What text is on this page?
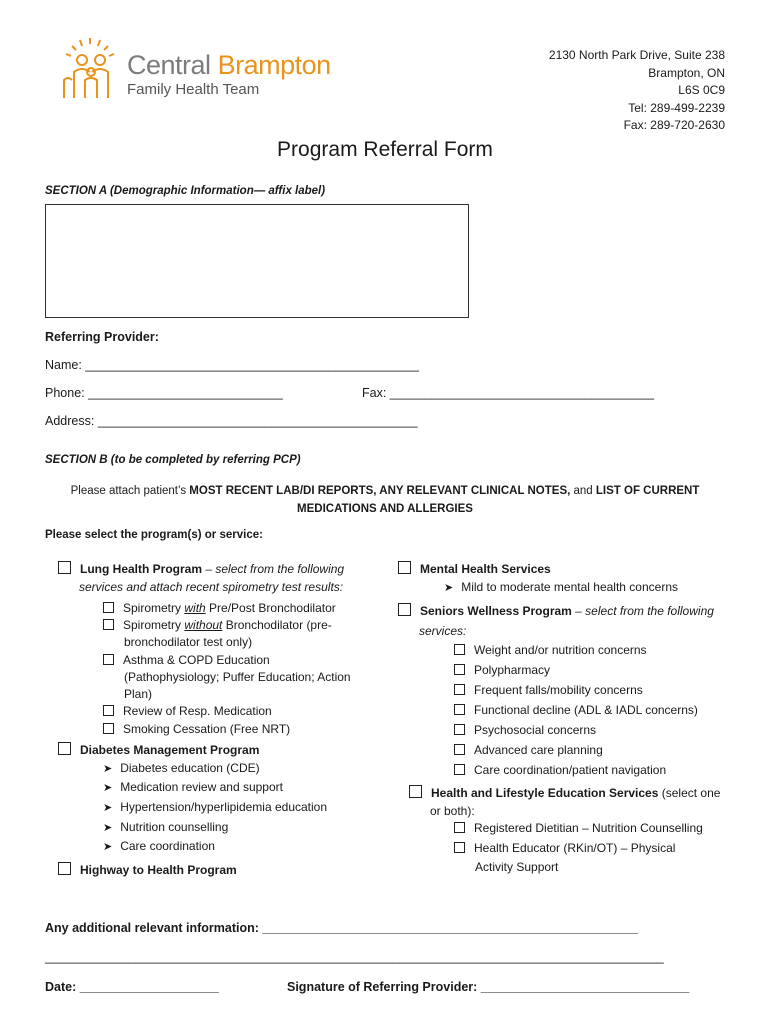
Central Brampton
Family Health Team
2130 North Park Drive, Suite 238
Brampton, ON
L6S 0C9
Tel: 289-499-2239
Fax: 289-720-2630
Program Referral Form
SECTION A (Demographic Information— affix label)
Referring Provider:
Name: ________________________________________________
Phone: ____________________________	Fax: ______________________________________
Address: ______________________________________________
SECTION B (to be completed by referring PCP)
Please attach patient’s MOST RECENT LAB/DI REPORTS, ANY RELEVANT CLINICAL NOTES, and LIST OF CURRENT
MEDICATIONS AND ALLERGIES
Please select the program(s) or service:
Lung Health Program – select from the following
services and attach recent spirometry test results:
Spirometry with Pre/Post Bronchodilator
Spirometry without Bronchodilator (pre-
bronchodilator test only)
Asthma & COPD Education
(Pathophysiology; Puffer Education; Action
Plan)
Review of Resp. Medication
Smoking Cessation (Free NRT)
Diabetes Management Program
➤ Diabetes education (CDE)
➤ Medication review and support
➤ Hypertension/hyperlipidemia education
➤ Nutrition counselling
➤ Care coordination
Highway to Health Program
Mental Health Services
➤ Mild to moderate mental health concerns
Seniors Wellness Program – select from the following
services:
Weight and/or nutrition concerns
Polypharmacy
Frequent falls/mobility concerns
Functional decline (ADL & IADL concerns)
Psychosocial concerns
Advanced care planning
Care coordination/patient navigation
Health and Lifestyle Education Services (select one
or both):
Registered Dietitian – Nutrition Counselling
Health Educator (RKin/OT) – Physical
Activity Support
Any additional relevant information: ______________________________________________________
_________________________________________________________________________________________
Date: ____________________	Signature of Referring Provider: ______________________________
